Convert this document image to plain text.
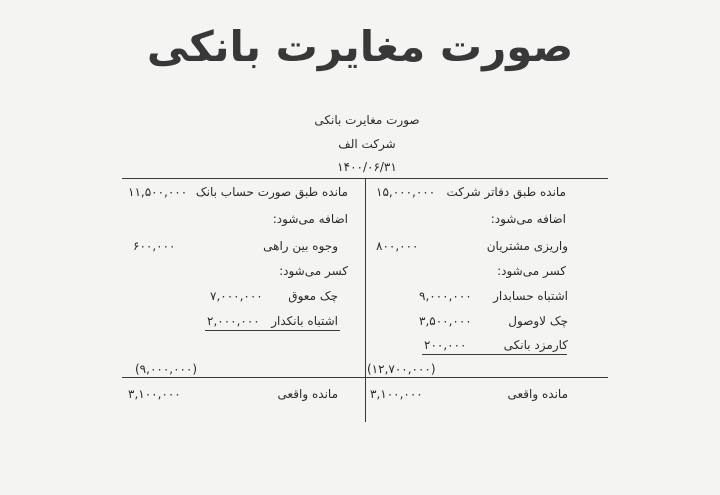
صورت مغایرت بانکی
صورت مغایرت بانکی
شرکت الف
۱۴۰۰/۰۶/۳۱
مانده طبق دفاتر شرکت
۱۵,۰۰۰,۰۰۰
اضافه می‌شود:
واریزی مشتریان
۸۰۰,۰۰۰
کسر می‌شود:
اشتباه حسابدار
۹,۰۰۰,۰۰۰
چک لاوصول
۳,۵۰۰,۰۰۰
کارمزد بانکی
۲۰۰,۰۰۰
(۱۲,۷۰۰,۰۰۰)
مانده واقعی
۳,۱۰۰,۰۰۰
مانده طبق صورت حساب بانک
۱۱,۵۰۰,۰۰۰
اضافه می‌شود:
وجوه بین راهی
۶۰۰,۰۰۰
کسر می‌شود:
چک معوق
۷,۰۰۰,۰۰۰
اشتباه بانکدار
۲,۰۰۰,۰۰۰
(۹,۰۰۰,۰۰۰)
مانده واقعی
۳,۱۰۰,۰۰۰
